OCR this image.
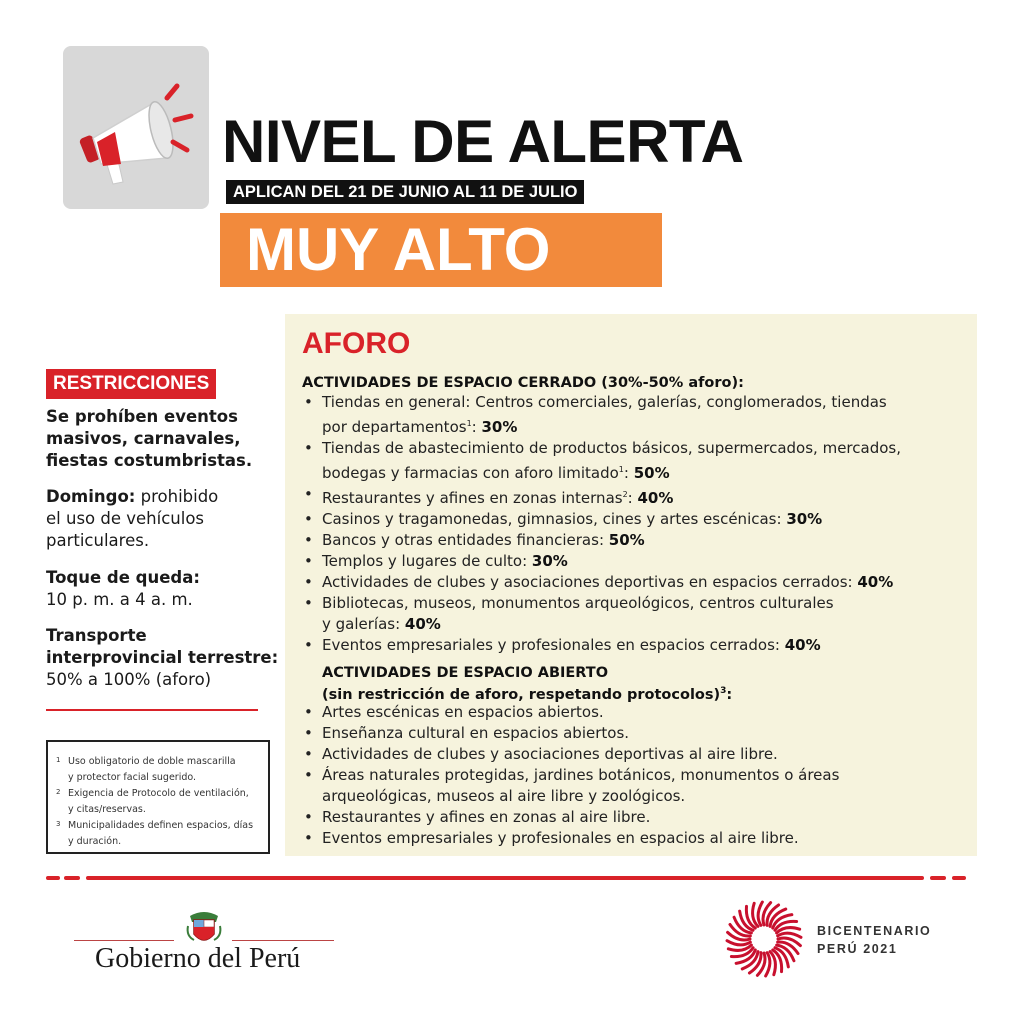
NIVEL DE ALERTA
APLICAN DEL 21 DE JUNIO AL 11 DE JULIO
MUY ALTO
RESTRICCIONES
Se prohíben eventos
masivos, carnavales,
fiestas costumbristas.
Domingo: prohibido
el uso de vehículos
particulares.
Toque de queda:
10 p. m. a 4 a. m.
Transporte
interprovincial terrestre:
50% a 100% (aforo)
1 Uso obligatorio de doble mascarilla
y protector facial sugerido.
2 Exigencia de Protocolo de ventilación,
y citas/reservas.
3 Municipalidades definen espacios, días
y duración.
AFORO
ACTIVIDADES DE ESPACIO CERRADO (30%-50% aforo):
• Tiendas en general: Centros comerciales, galerías, conglomerados, tiendas
por departamentos$^1$: 30%
• Tiendas de abastecimiento de productos básicos, supermercados, mercados,
bodegas y farmacias con aforo limitado$^1$: 50%
• Restaurantes y afines en zonas internas$^2$: 40%
• Casinos y tragamonedas, gimnasios, cines y artes escénicas: 30%
• Bancos y otras entidades financieras: 50%
• Templos y lugares de culto: 30%
• Actividades de clubes y asociaciones deportivas en espacios cerrados: 40%
• Bibliotecas, museos, monumentos arqueológicos, centros culturales
y galerías: 40%
• Eventos empresariales y profesionales en espacios cerrados: 40%
ACTIVIDADES DE ESPACIO ABIERTO
(sin restricción de aforo, respetando protocolos)$^3$:
• Artes escénicas en espacios abiertos.
• Enseñanza cultural en espacios abiertos.
• Actividades de clubes y asociaciones deportivas al aire libre.
• Áreas naturales protegidas, jardines botánicos, monumentos o áreas
arqueológicas, museos al aire libre y zoológicos.
• Restaurantes y afines en zonas al aire libre.
• Eventos empresariales y profesionales en espacios al aire libre.
Gobierno del Perú
BICENTENARIO
PERÚ 2021
